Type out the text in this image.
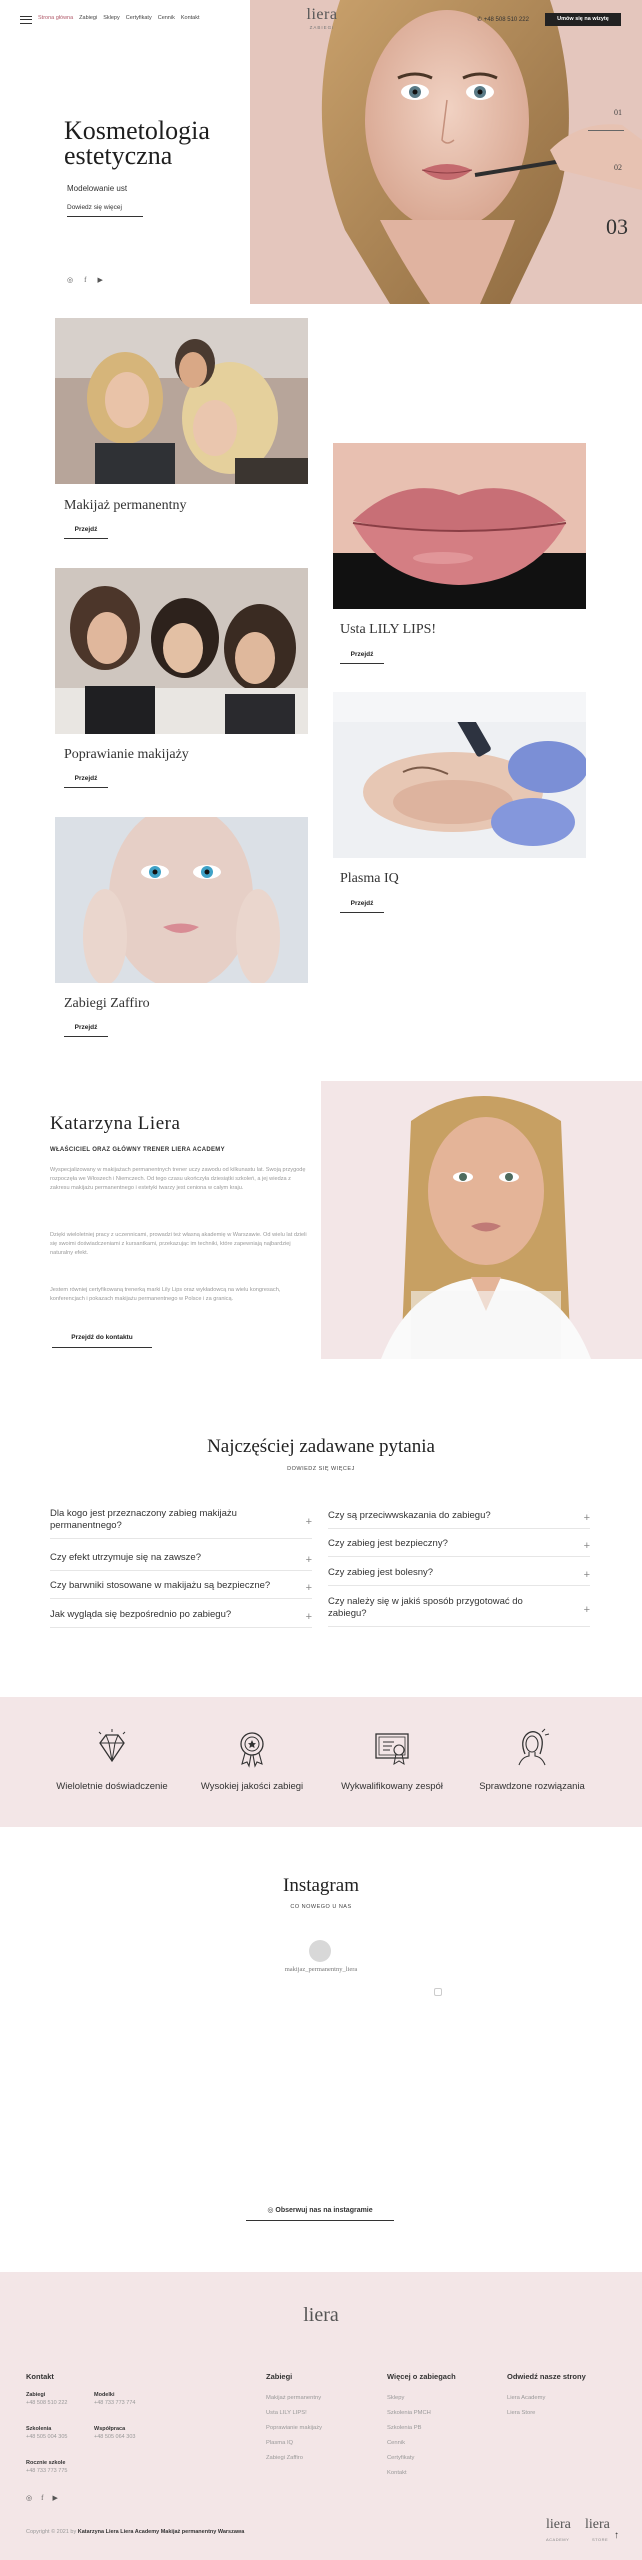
Strona główna Zabiegi Sklepy Certyfikaty Cennik Kontakt	liera
ZABIEGI
✆ +48 508 510 222	Umów się na wizytę
Kosmetologia estetyczna
Modelowanie ust
Dowiedz się więcej
◎ f ▶
01
02
03
Makijaż permanentny
Przejdź
Usta LILY LIPS!
Przejdź
Poprawianie makijaży
Przejdź
Plasma IQ
Przejdź
Zabiegi Zaffiro
Przejdź
Katarzyna Liera
WŁAŚCICIEL ORAZ GŁÓWNY TRENER LIERA ACADEMY
Wyspecjalizowany w makijażach permanentnych trener uczy zawodu od kilkunastu lat. Swoją przygodę rozpoczęła we Włoszech i Niemczech. Od tego czasu ukończyła dziesiątki szkoleń, a jej wiedza z zakresu makijażu permanentnego i estetyki twarzy jest ceniona w całym kraju.
Dzięki wieloletniej pracy z uczennicami, prowadzi też własną akademię w Warszawie. Od wielu lat dzieli się swoimi doświadczeniami z kursantkami, przekazując im techniki, które zapewniają najbardziej naturalny efekt.
Jestem równiej certyfikowaną trenerką marki Lily Lips oraz wykładowcą na wielu kongresach, konferencjach i pokazach makijażu permanentnego w Polsce i za granicą.
Przejdź do kontaktu
Najczęściej zadawane pytania
DOWIEDZ SIĘ WIĘCEJ
Dla kogo jest przeznaczony zabieg makijażu permanentnego?	+
Czy efekt utrzymuje się na zawsze?	+
Czy barwniki stosowane w makijażu są bezpieczne?	+
Jak wygląda się bezpośrednio po zabiegu?	+
Czy są przeciwwskazania do zabiegu?	+
Czy zabieg jest bezpieczny?	+
Czy zabieg jest bolesny?	+
Czy należy się w jakiś sposób przygotować do zabiegu?	+
Wieloletnie doświadczenie	Wysokiej jakości zabiegi	Wykwalifikowany zespół	Sprawdzone rozwiązania
Instagram
CO NOWEGO U NAS
makijaz_permanentny_liera
◎ Obserwuj nas na instagramie
liera
Kontakt
Zabiegi
+48 508 510 222
Modelki
+48 733 773 774
Szkolenia
+48 505 004 305
Współpraca
+48 505 064 303
Rocznie szkole
+48 733 773 775
◎ f ▶
Zabiegi
Makijaż permanentny
Usta LILY LIPS!
Poprawianie makijaży
Plasma IQ
Zabiegi Zaffiro
Więcej o zabiegach
Sklepy
Szkolenia PMCH
Szkolenia PB
Cennik
Certyfikaty
Kontakt
Odwiedź nasze strony
Liera Academy
Liera Store
Copyright © 2021 by Katarzyna Liera Liera Academy Makijaż permanentny Warszawa	liera
ACADEMY
liera
STORE ↑
